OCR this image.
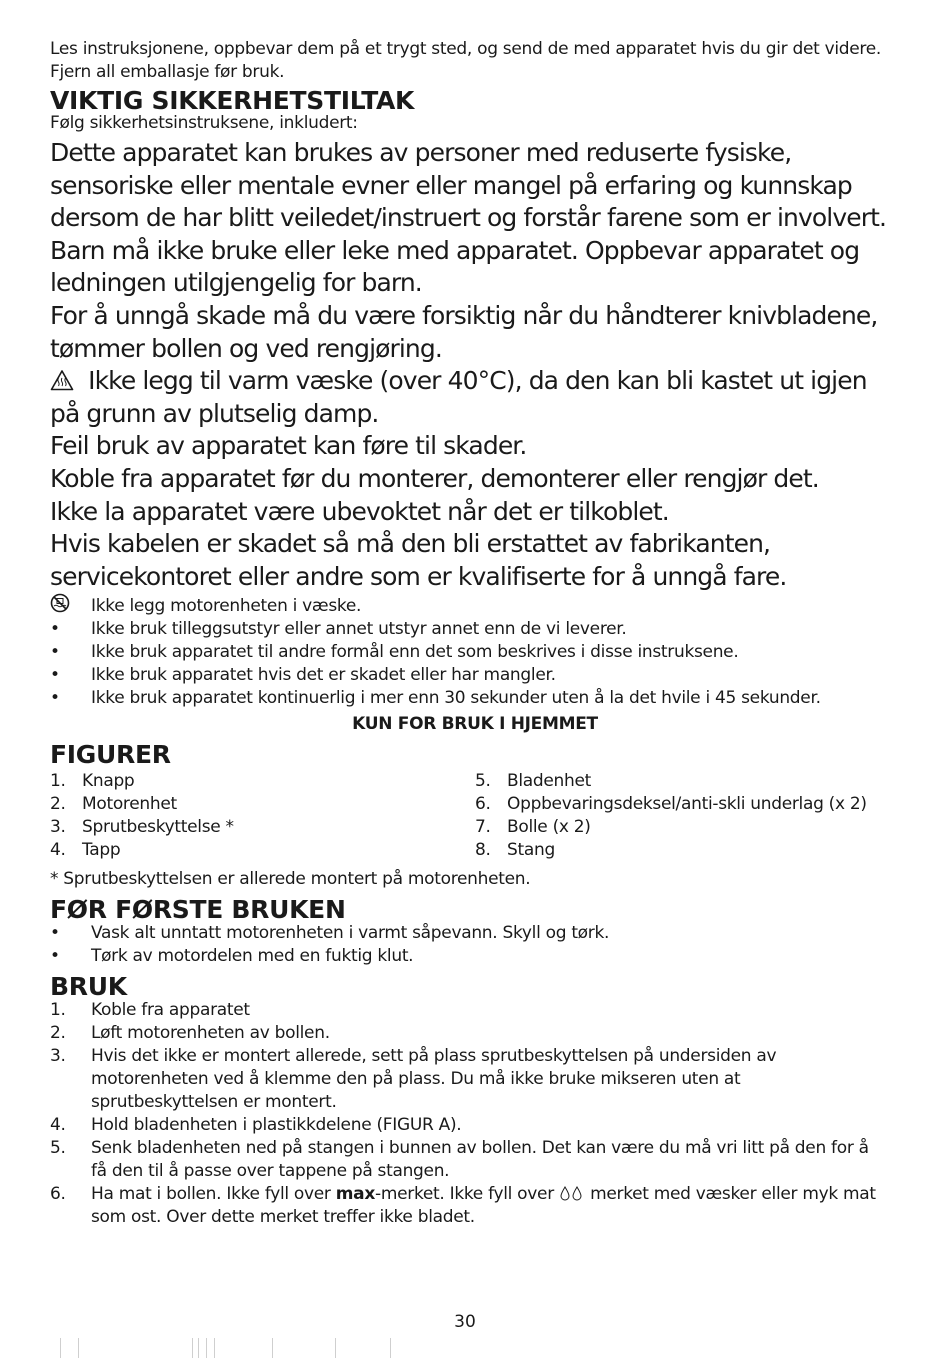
Les instruksjonene, oppbevar dem på et trygt sted, og send de med apparatet hvis du gir det videre.
Fjern all emballasje før bruk.
VIKTIG SIKKERHETSTILTAK
Følg sikkerhetsinstruksene, inkludert:
Dette apparatet kan brukes av personer med reduserte fysiske, sensoriske eller mentale evner eller mangel på erfaring og kunnskap dersom de har blitt veiledet/instruert og forstår farene som er involvert. Barn må ikke bruke eller leke med apparatet. Oppbevar apparatet og ledningen utilgjengelig for barn.
For å unngå skade må du være forsiktig når du håndterer knivbladene, tømmer bollen og ved rengjøring.
Ikke legg til varm væske (over 40°C), da den kan bli kastet ut igjen på grunn av plutselig damp.
Feil bruk av apparatet kan føre til skader.
Koble fra apparatet før du monterer, demonterer eller rengjør det.
Ikke la apparatet være ubevoktet når det er tilkoblet.
Hvis kabelen er skadet så må den bli erstattet av fabrikanten, servicekontoret eller andre som er kvalifiserte for å unngå fare.
Ikke legg motorenheten i væske.
•	Ikke bruk tilleggsutstyr eller annet utstyr annet enn de vi leverer.
•	Ikke bruk apparatet til andre formål enn det som beskrives i disse instruksene.
•	Ikke bruk apparatet hvis det er skadet eller har mangler.
•	Ikke bruk apparatet kontinuerlig i mer enn 30 sekunder uten å la det hvile i 45 sekunder.
KUN FOR BRUK I HJEMMET
FIGURER
1. Knapp
2. Motorenhet
3. Sprutbeskyttelse *
4. Tapp
5. Bladenhet
6. Oppbevaringsdeksel/anti-skli underlag (x 2)
7. Bolle (x 2)
8. Stang
* Sprutbeskyttelsen er allerede montert på motorenheten.
FØR FØRSTE BRUKEN
•	Vask alt unntatt motorenheten i varmt såpevann. Skyll og tørk.
•	Tørk av motordelen med en fuktig klut.
BRUK
1.	Koble fra apparatet
2.	Løft motorenheten av bollen.
3.	Hvis det ikke er montert allerede, sett på plass sprutbeskyttelsen på undersiden av motorenheten ved å klemme den på plass. Du må ikke bruke mikseren uten at sprutbeskyttelsen er montert.
4.	Hold bladenheten i plastikkdelene (FIGUR A).
5.	Senk bladenheten ned på stangen i bunnen av bollen. Det kan være du må vri litt på den for å få den til å passe over tappene på stangen.
6.	Ha mat i bollen. Ikke fyll over max-merket. Ikke fyll over  merket med væsker eller myk mat som ost. Over dette merket treffer ikke bladet.
30
